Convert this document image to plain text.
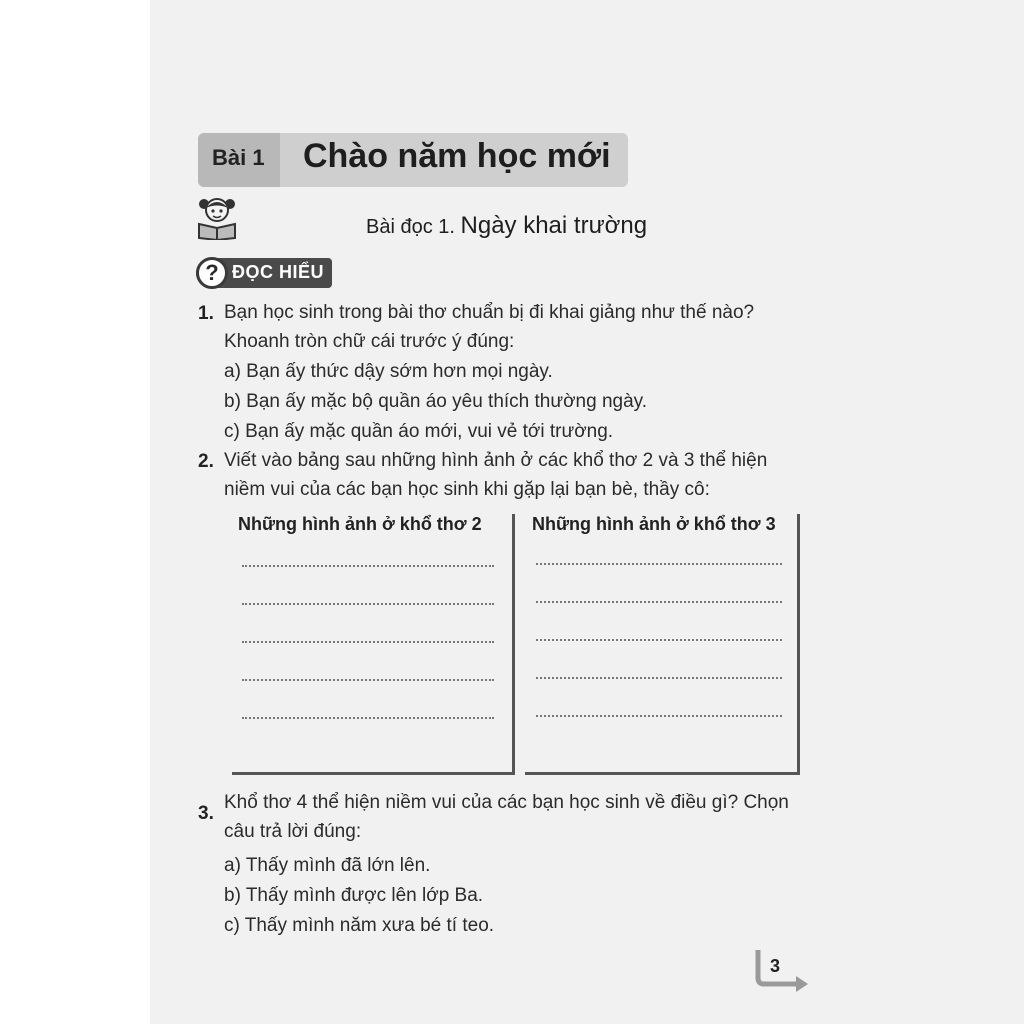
Bài 1 Chào năm học mới
Bài đọc 1. Ngày khai trường
? ĐỌC HIỂU
1. Bạn học sinh trong bài thơ chuẩn bị đi khai giảng như thế nào?
Khoanh tròn chữ cái trước ý đúng:
a) Bạn ấy thức dậy sớm hơn mọi ngày.
b) Bạn ấy mặc bộ quần áo yêu thích thường ngày.
c) Bạn ấy mặc quần áo mới, vui vẻ tới trường.
2. Viết vào bảng sau những hình ảnh ở các khổ thơ 2 và 3 thể hiện
niềm vui của các bạn học sinh khi gặp lại bạn bè, thầy cô:
Những hình ảnh ở khổ thơ 2	Những hình ảnh ở khổ thơ 3
3.
Khổ thơ 4 thể hiện niềm vui của các bạn học sinh về điều gì? Chọn
câu trả lời đúng:
a) Thấy mình đã lớn lên.
b) Thấy mình được lên lớp Ba.
c) Thấy mình năm xưa bé tí teo.
3
